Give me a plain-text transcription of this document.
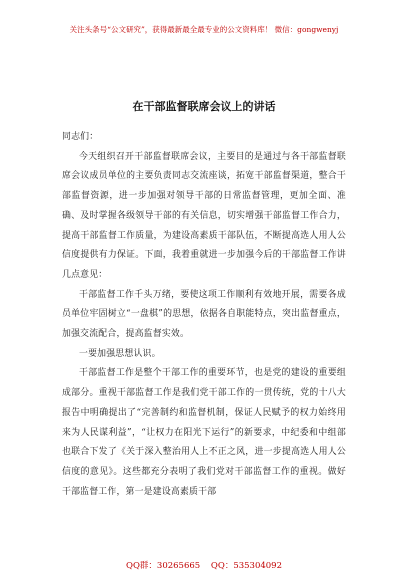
关注头条号“公文研究”，获得最新最全最专业的公文资料库！ 微信：gongwenyj
在干部监督联席会议上的讲话

同志们：

今天组织召开干部监督联席会议，主要目的是通过与各干部监督联席会议成员单位的主要负责同志交流座谈，拓宽干部监督渠道，整合干部监督资源，进一步加强对领导干部的日常监督管理，更加全面、准确、及时掌握各级领导干部的有关信息，切实增强干部监督工作合力，提高干部监督工作质量，为建设高素质干部队伍，不断提高选人用人公信度提供有力保证。下面，我着重就进一步加强今后的干部监督工作讲几点意见：

干部监督工作千头万绪，要使这项工作顺利有效地开展，需要各成员单位牢固树立“一盘棋”的思想，依据各自职能特点，突出监督重点，加强交流配合，提高监督实效。

一要加强思想认识。

干部监督工作是整个干部工作的重要环节，也是党的建设的重要组成部分。重视干部监督工作是我们党干部工作的一贯传统，党的十八大报告中明确提出了“完善制约和监督机制，保证人民赋予的权力始终用来为人民谋利益”，“让权力在阳光下运行”的新要求，中纪委和中组部也联合下发了《关于深入整治用人上不正之风，进一步提高选人用人公信度的意见》。这些都充分表明了我们党对干部监督工作的重视。做好干部监督工作，第一是建设高素质干部

QQ群：30265665 QQ：535304092
